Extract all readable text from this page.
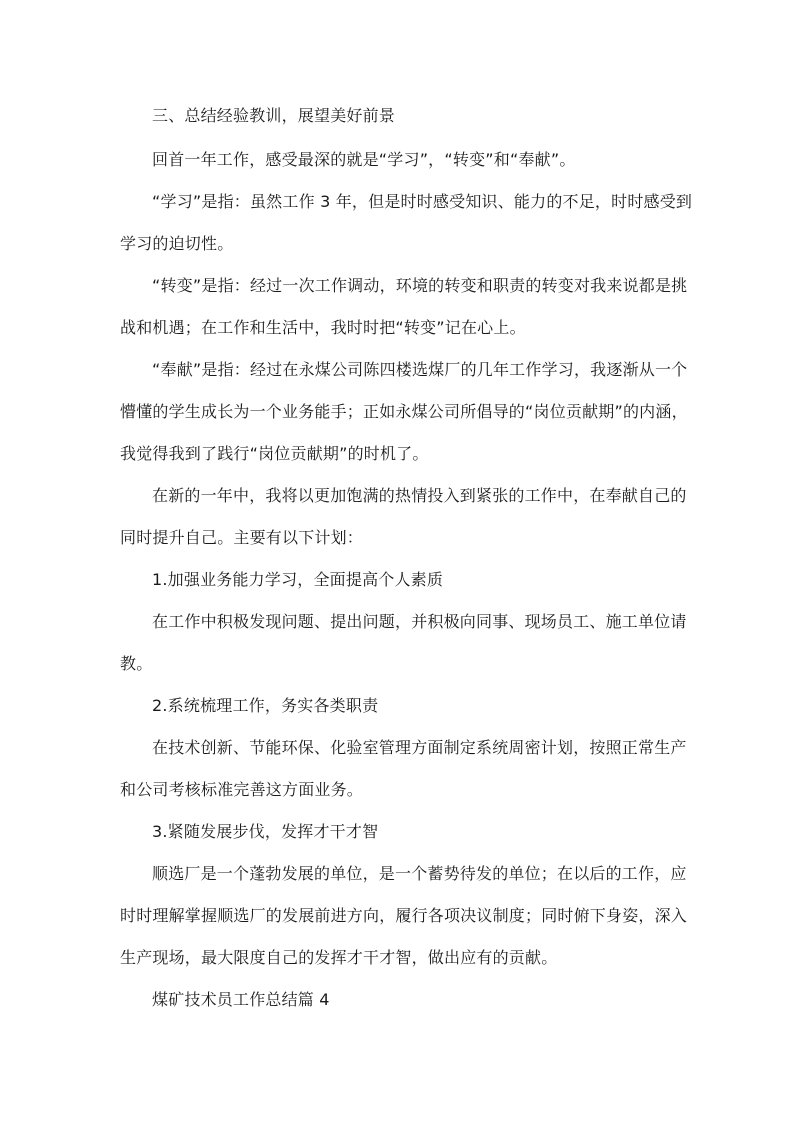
三、总结经验教训，展望美好前景
回首一年工作，感受最深的就是“学习”，“转变”和“奉献”。
“学习”是指：虽然工作 3 年，但是时时感受知识、能力的不足，时时感受到
学习的迫切性。
“转变”是指：经过一次工作调动，环境的转变和职责的转变对我来说都是挑
战和机遇；在工作和生活中，我时时把“转变”记在心上。
“奉献”是指：经过在永煤公司陈四楼选煤厂的几年工作学习，我逐渐从一个
懵懂的学生成长为一个业务能手；正如永煤公司所倡导的“岗位贡献期”的内涵，
我觉得我到了践行“岗位贡献期”的时机了。
在新的一年中，我将以更加饱满的热情投入到紧张的工作中，在奉献自己的
同时提升自己。主要有以下计划：
1.加强业务能力学习，全面提高个人素质
在工作中积极发现问题、提出问题，并积极向同事、现场员工、施工单位请
教。
2.系统梳理工作，务实各类职责
在技术创新、节能环保、化验室管理方面制定系统周密计划，按照正常生产
和公司考核标准完善这方面业务。
3.紧随发展步伐，发挥才干才智
顺选厂是一个蓬勃发展的单位，是一个蓄势待发的单位；在以后的工作，应
时时理解掌握顺选厂的发展前进方向，履行各项决议制度；同时俯下身姿，深入
生产现场，最大限度自己的发挥才干才智，做出应有的贡献。
煤矿技术员工作总结篇 4
